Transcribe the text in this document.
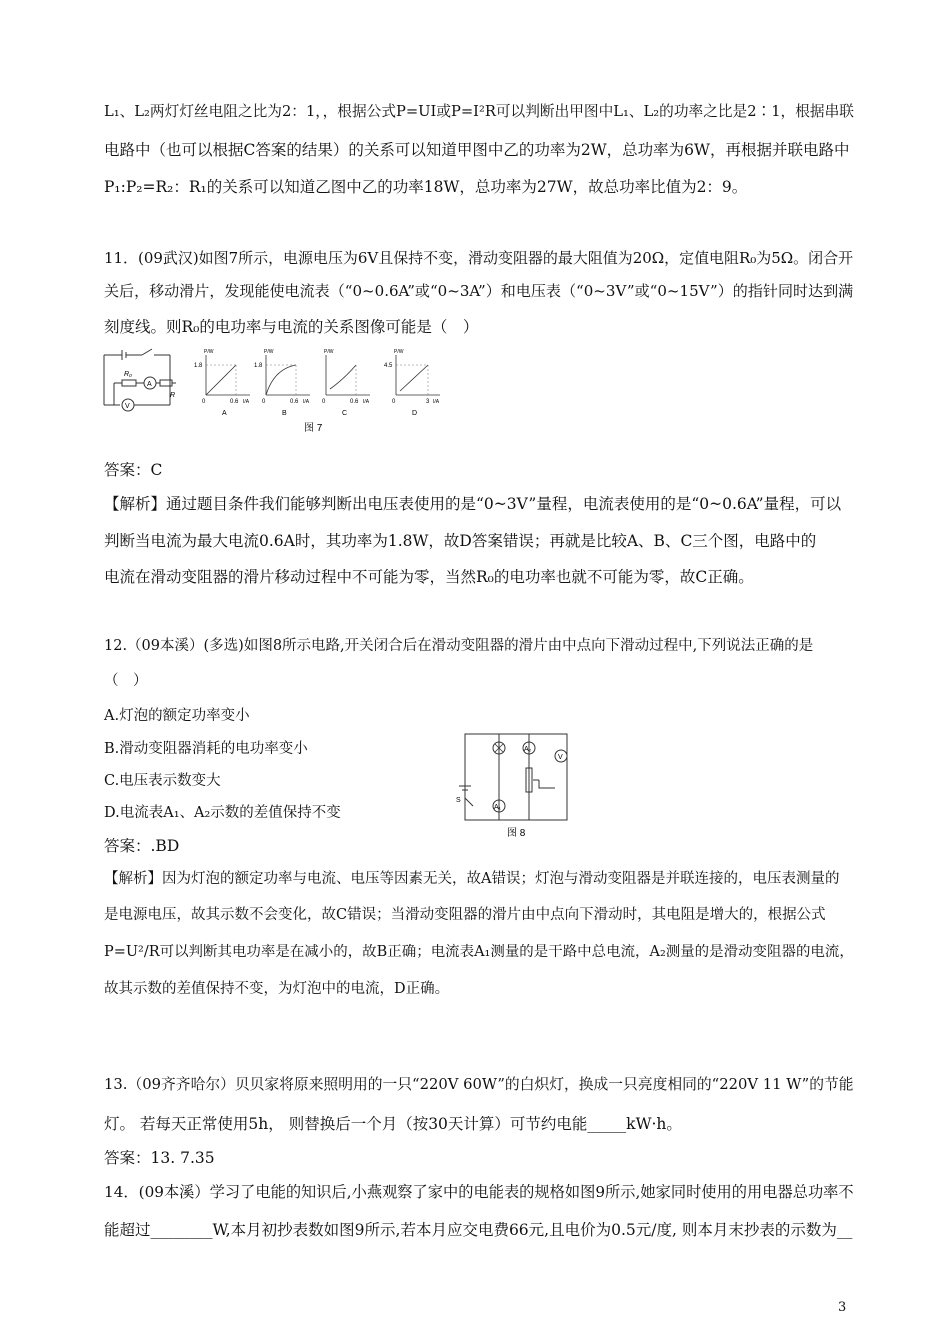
L₁、L₂两灯灯丝电阻之比为2：1，，根据公式P=UI或P=I²R可以判断出甲图中L₁、L₂的功率之比是2∶1，根据串联
电路中（也可以根据C答案的结果）的关系可以知道甲图中乙的功率为2W，总功率为6W，再根据并联电路中
P₁:P₂=R₂：R₁的关系可以知道乙图中乙的功率18W，总功率为27W，故总功率比值为2：9。
11．(09武汉)如图7所示，电源电压为6V且保持不变，滑动变阻器的最大阻值为20Ω，定值电阻R₀为5Ω。闭合开
关后，移动滑片，发现能使电流表（“0~0.6A”或“0~3A”）和电压表（“0~3V”或“0~15V”）的指针同时达到满
刻度线。则R₀的电功率与电流的关系图像可能是（　）
R₀
R
A
V
P/W
1.8
0	0.6 I/A
A
P/W
1.8
0	0.6 I/A
B
P/W
0	0.6 I/A
C
P/W
4.5
0	3 I/A
D
图 7
答案：C
【解析】通过题目条件我们能够判断出电压表使用的是“0~3V”量程，电流表使用的是“0~0.6A”量程，可以
判断当电流为最大电流0.6A时，其功率为1.8W，故D答案错误；再就是比较A、B、C三个图，电路中的
电流在滑动变阻器的滑片移动过程中不可能为零，当然R₀的电功率也就不可能为零，故C正确。
12.（09本溪）(多选)如图8所示电路,开关闭合后在滑动变阻器的滑片由中点向下滑动过程中,下列说法正确的是
（　）
A.灯泡的额定功率变小
B.滑动变阻器消耗的电功率变小
C.电压表示数变大
D.电流表A₁、A₂示数的差值保持不变
答案：.BD
A₂
A₁
V
S
图 8
【解析】因为灯泡的额定功率与电流、电压等因素无关，故A错误；灯泡与滑动变阻器是并联连接的，电压表测量的
是电源电压，故其示数不会变化，故C错误；当滑动变阻器的滑片由中点向下滑动时，其电阻是增大的，根据公式
P=U²/R可以判断其电功率是在减小的，故B正确；电流表A₁测量的是干路中总电流，A₂测量的是滑动变阻器的电流，
故其示数的差值保持不变，为灯泡中的电流，D正确。
13.（09齐齐哈尔）贝贝家将原来照明用的一只“220V 60W”的白炽灯，换成一只亮度相同的“220V 11 W”的节能
灯。 若每天正常使用5h， 则替换后一个月（按30天计算）可节约电能_____kW·h。
答案：13. 7.35
14．(09本溪）学习了电能的知识后,小燕观察了家中的电能表的规格如图9所示,她家同时使用的用电器总功率不
能超过________W,本月初抄表数如图9所示,若本月应交电费66元,且电价为0.5元/度, 则本月末抄表的示数为__
3
